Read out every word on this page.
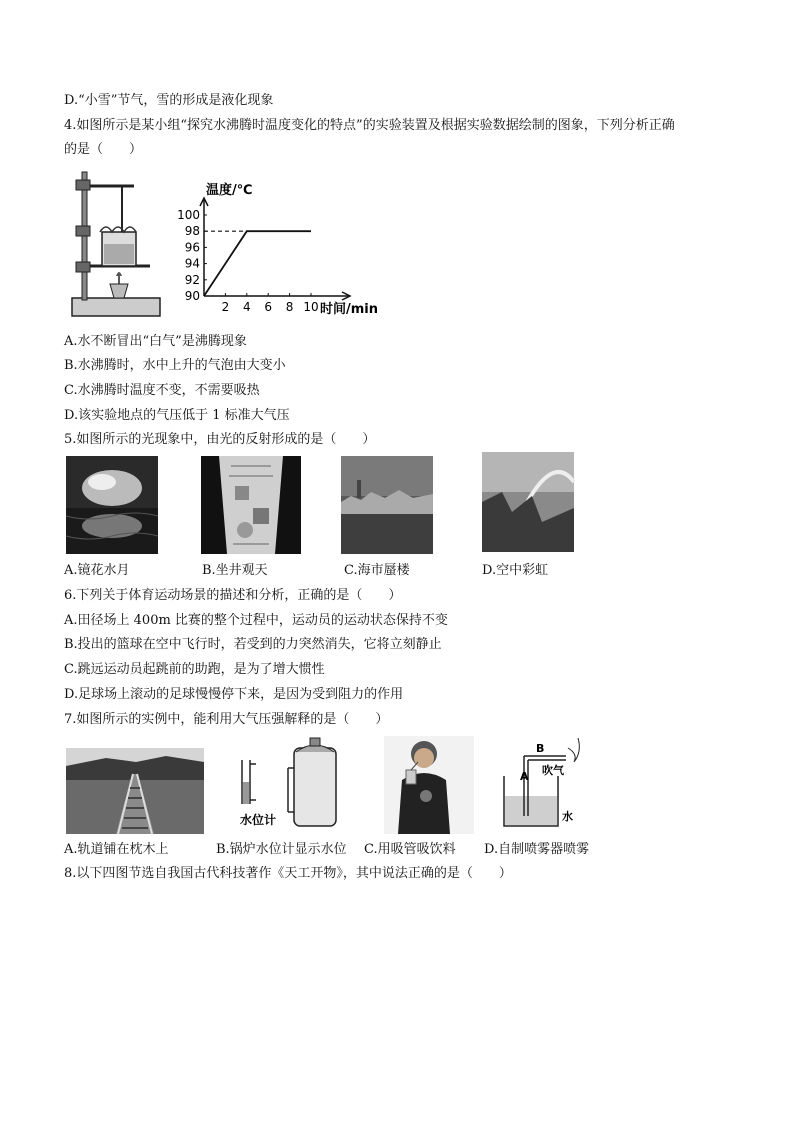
D.“小雪”节气，雪的形成是液化现象
4.如图所示是某小组“探究水沸腾时温度变化的特点”的实验装置及根据实验数据绘制的图象，下列分析正确
的是（　　）
92
94
96
98
100
90
2 4 6 8 10
温度/℃
时间/min
A.水不断冒出“白气”是沸腾现象
B.水沸腾时，水中上升的气泡由大变小
C.水沸腾时温度不变，不需要吸热
D.该实验地点的气压低于 1 标准大气压
5.如图所示的光现象中，由光的反射形成的是（　　）
A.镜花水月	B.坐井观天	C.海市蜃楼	D.空中彩虹
6.下列关于体育运动场景的描述和分析，正确的是（　　）
A.田径场上 400m 比赛的整个过程中，运动员的运动状态保持不变
B.投出的篮球在空中飞行时，若受到的力突然消失，它将立刻静止
C.跳远运动员起跳前的助跑，是为了增大惯性
D.足球场上滚动的足球慢慢停下来，是因为受到阻力的作用
7.如图所示的实例中，能利用大气压强解释的是（　　）
水位计
B
A 吹气
水
A.轨道铺在枕木上	B.锅炉水位计显示水位 C.用吸管吸饮料 D.自制喷雾器喷雾
8.以下四图节选自我国古代科技著作《天工开物》，其中说法正确的是（　　）
